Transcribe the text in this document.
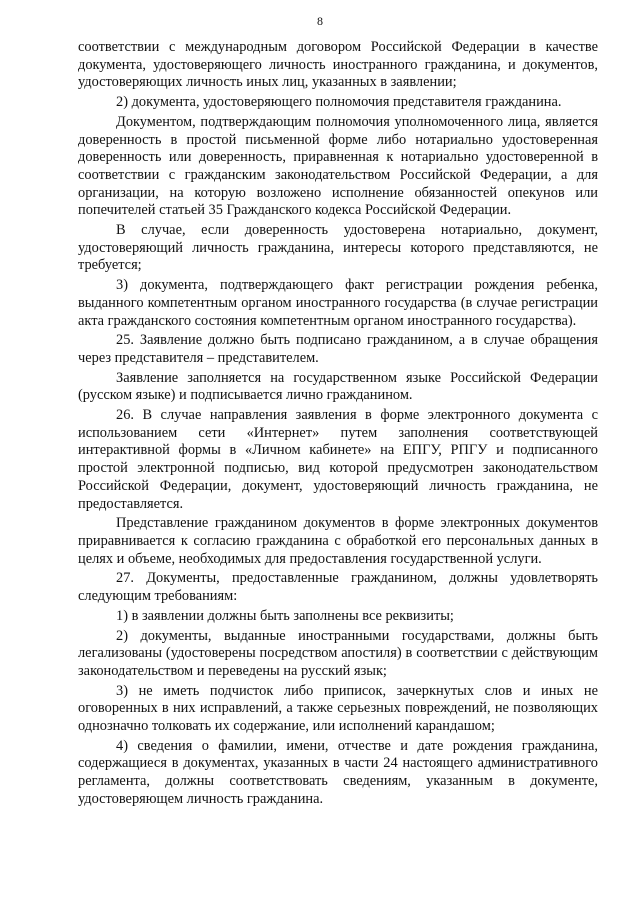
8

соответствии с международным договором Российской Федерации в качестве документа, удостоверяющего личность иностранного гражданина, и документов, удостоверяющих личность иных лиц, указанных в заявлении;

2) документа, удостоверяющего полномочия представителя гражданина.

Документом, подтверждающим полномочия уполномоченного лица, является доверенность в простой письменной форме либо нотариально удостоверенная доверенность или доверенность, приравненная к нотариально удостоверенной в соответствии с гражданским законодательством Российской Федерации, а для организации, на которую возложено исполнение обязанностей опекунов или попечителей статьей 35 Гражданского кодекса Российской Федерации.

В случае, если доверенность удостоверена нотариально, документ, удостоверяющий личность гражданина, интересы которого представляются, не требуется;

3) документа, подтверждающего факт регистрации рождения ребенка, выданного компетентным органом иностранного государства (в случае регистрации акта гражданского состояния компетентным органом иностранного государства).

25. Заявление должно быть подписано гражданином, а в случае обращения через представителя – представителем.

Заявление заполняется на государственном языке Российской Федерации (русском языке) и подписывается лично гражданином.

26. В случае направления заявления в форме электронного документа с использованием сети «Интернет» путем заполнения соответствующей интерактивной формы в «Личном кабинете» на ЕПГУ, РПГУ и подписанного простой электронной подписью, вид которой предусмотрен законодательством Российской Федерации, документ, удостоверяющий личность гражданина, не предоставляется.

Представление гражданином документов в форме электронных документов приравнивается к согласию гражданина с обработкой его персональных данных в целях и объеме, необходимых для предоставления государственной услуги.

27. Документы, предоставленные гражданином, должны удовлетворять следующим требованиям:

1) в заявлении должны быть заполнены все реквизиты;

2) документы, выданные иностранными государствами, должны быть легализованы (удостоверены посредством апостиля) в соответствии с действующим законодательством и переведены на русский язык;

3) не иметь подчисток либо приписок, зачеркнутых слов и иных не оговоренных в них исправлений, а также серьезных повреждений, не позволяющих однозначно толковать их содержание, или исполнений карандашом;

4) сведения о фамилии, имени, отчестве и дате рождения гражданина, содержащиеся в документах, указанных в части 24 настоящего административного регламента, должны соответствовать сведениям, указанным в документе, удостоверяющем личность гражданина.
